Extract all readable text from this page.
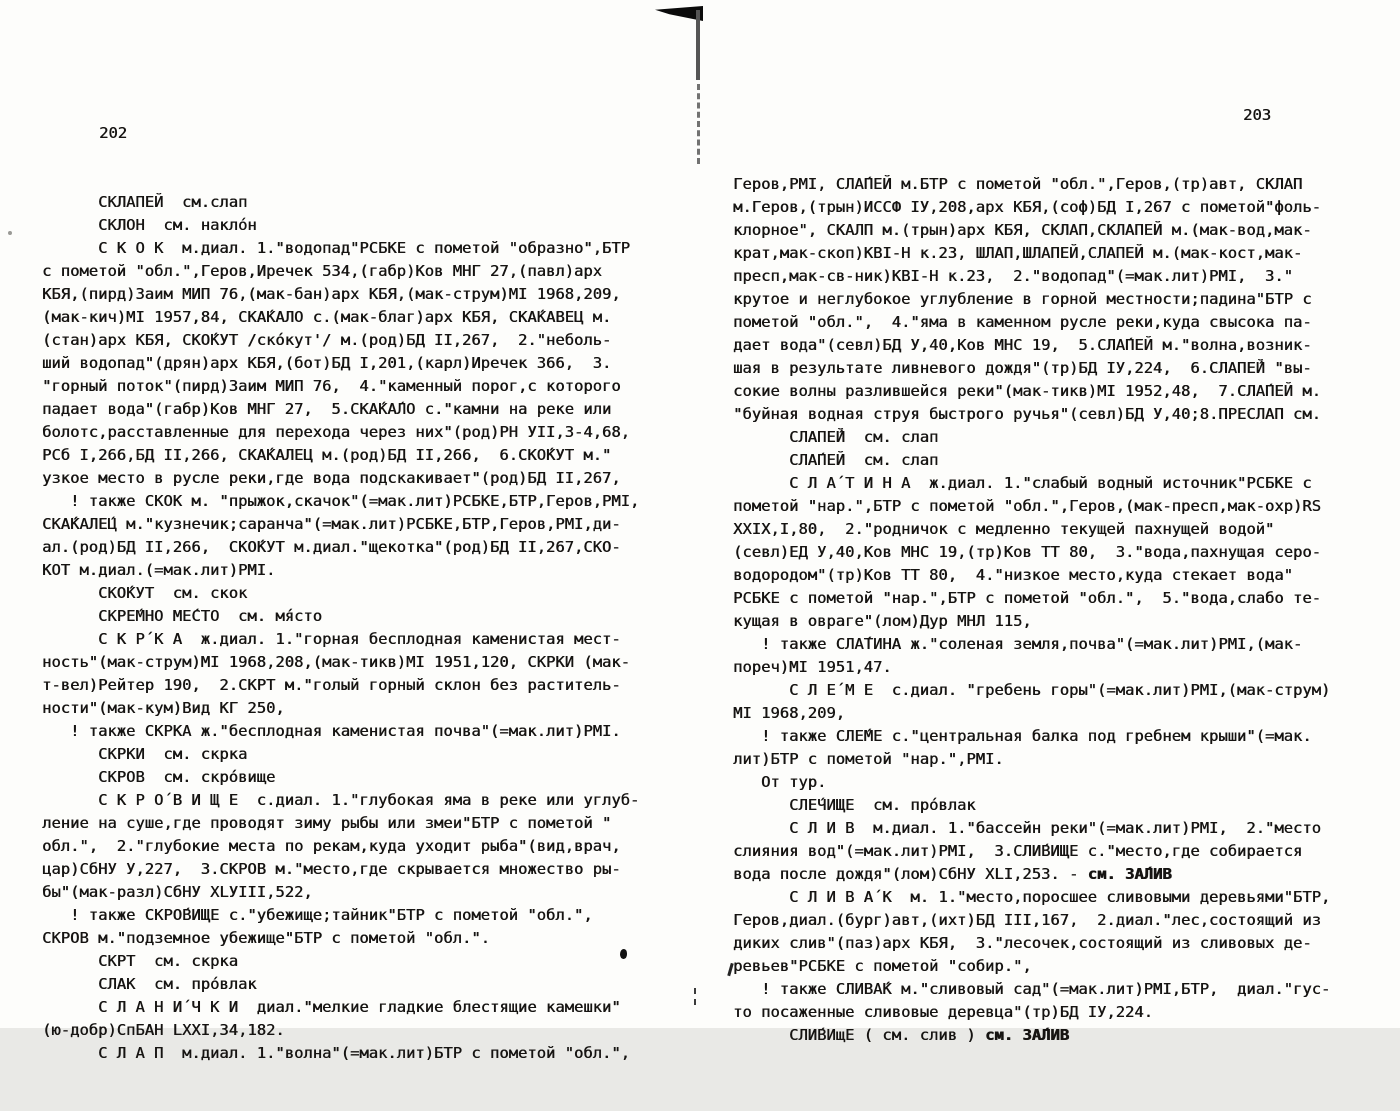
202

СКЛАПЕЙ  см.слап
СКЛОН  см. накло́н
С К О К  м.диал. 1."водопад"РСБКЕ с пометой "образно",БТР
с пометой "обл.",Геров,Иречек 534,(габр)Ков МНГ 27,(павл)арх
КБЯ,(пирд)Заим МИП 76,(мак-бан)арх КБЯ,(мак-струм)МI 1968,209,
(мак-кич)МI 1957,84, СКА́КАЛО с.(мак-благ)арх КБЯ, СКА́КАВЕЦ м.
(стан)арх КБЯ, СКО́КУТ /ско́кут'/ м.(род)БД II,267,  2."неболь-
ший водопад"(дрян)арх КБЯ,(бот)БД I,201,(карл)Иречек 366,  3.
"горный поток"(пирд)Заим МИП 76,  4."каменный порог,с которого
падает вода"(габр)Ков МНГ 27,  5.СКА́КА́ЛО с."камни на реке или
болотс,расставленные для перехода через них"(род)РН УII,3-4,68,
РСб I,266,БД II,266, СКА́КАЛЕЦ м.(род)БД II,266,  6.СКО́КУТ м."
узкое место в русле реки,где вода подскакивает"(род)БД II,267,
! также СКОК м. "прыжок,скачок"(=мак.лит)РСБКЕ,БТР,Геров,РМI,
СКА́КАЛЕ́Ц м."кузнечик;саранча"(=мак.лит)РСБКЕ,БТР,Геров,РМI,ди-
ал.(род)БД II,266,  СКО́КУТ м.диал."щекотка"(род)БД II,267,СКО-
КОТ м.диал.(=мак.лит)РМI.
СКО́КУТ  см. скок
СКРЕ́МНО МЕ́СТО  см. мя́сто
С К Р́ К А  ж.диал. 1."горная бесплодная каменистая мест-
ность"(мак-струм)МI 1968,208,(мак-тикв)МI 1951,120, СКРКИ (мак-
т-вел)Рейтер 190,  2.СКРТ м."голый горный склон без раститель-
ности"(мак-кум)Вид КГ 250,
! также СКРКА ж."бесплодная каменистая почва"(=мак.лит)РМI.
СКРКИ  см. скрка
СКРОВ  см. скро́вище
С К Р О́ В И Щ Е  с.диал. 1."глубокая яма в реке или углуб-
ление на суше,где проводят зиму рыбы или змеи"БТР с пометой "
обл.",  2."глубокие места по рекам,куда уходит рыба"(вид,врач,
цар)СбНУ У,227,  3.СКРОВ м."место,где скрывается множество ры-
бы"(мак-разл)СбНУ ХLУIII,522,
! также СКРО́ВИЩЕ с."убежище;тайник"БТР с пометой "обл.",
СКРОВ м."подземное убежище"БТР с пометой "обл.".
СКРТ  см. скрка
СЛАК  см. про́влак
С Л А Н И́ Ч К И  диал."мелкие гладкие блестящие камешки"
(ю-добр)СпБАН LXXI,34,182.
С Л А П  м.диал. 1."волна"(=мак.лит)БТР с пометой "обл.",

203

Геров,РМI, СЛА́ПЕЙ м.БТР с пометой "обл.",Геров,(тр)авт, СКЛАП
м.Геров,(трын)ИССФ IУ,208,арх КБЯ,(соф)БД I,267 с пометой"фоль-
клорное", СКАЛП м.(трын)арх КБЯ, СКЛАП,СКЛАПЕЙ м.(мак-вод,мак-
крат,мак-скоп)КВI-Н к.23, ШЛАП,ШЛАПЕЙ,СЛАПЕЙ м.(мак-кост,мак-
пресп,мак-св-ник)КВI-Н к.23,  2."водопад"(=мак.лит)РМI,  3."
крутое и неглубокое углубление в горной местности;падина"БТР с
пометой "обл.",  4."яма в каменном русле реки,куда свысока па-
дает вода"(севл)БД У,40,Ков МНС 19,  5.СЛА́ПЕЙ м."волна,возник-
шая в результате ливневого дождя"(тр)БД IУ,224,  6.СЛАПЕ́Й "вы-
сокие волны разлившейся реки"(мак-тикв)МI 1952,48,  7.СЛА́ПЕЙ м.
"буйная водная струя быстрого ручья"(севл)БД У,40;8.ПРЕСЛАП см.
СЛАПЕ́Й  см. слап
СЛА́ПЕЙ  см. слап
С Л А́ Т И Н А  ж.диал. 1."слабый водный источник"РСБКЕ с
пометой "нар.",БТР с пометой "обл.",Геров,(мак-пресп,мак-охр)RS
XXIX,I,80,  2."родничок с медленно текущей пахнущей водой"
(севл)ЕД У,40,Ков МНС 19,(тр)Ков ТТ 80,  3."вода,пахнущая серо-
водородом"(тр)Ков ТТ 80,  4."низкое место,куда стекает вода"
РСБКЕ с пометой "нар.",БТР с пометой "обл.",  5."вода,слабо те-
кущая в овраге"(лом)Дур МНЛ 115,
! также СЛА́ТИНА ж."соленая земля,почва"(=мак.лит)РМI,(мак-
пореч)МI 1951,47.
С Л Е́ М Е  с.диал. "гребень горы"(=мак.лит)РМI,(мак-струм)
МI 1968,209,
! также СЛЕ́МЕ с."центральная балка под гребнем крыши"(=мак.
лит)БТР с пометой "нар.",РМI.
От тур.
СЛЕ́ЧИЩЕ  см. про́влак
С Л И В  м.диал. 1."бассейн реки"(=мак.лит)РМI,  2."место
слияния вод"(=мак.лит)РМI,  3.СЛИ́ВИЩЕ с."место,где собирается
вода после дождя"(лом)СбНУ ХLI,253. - см. ЗА́ЛИВ
С Л И В А́ К  м. 1."место,поросшее сливовыми деревьями"БТР,
Геров,диал.(бург)авт,(ихт)БД III,167,  2.диал."лес,состоящий из
диких слив"(паз)арх КБЯ,  3."лесочек,состоящий из сливовых де-
ревьев"РСБКЕ с пометой "собир.",
! также СЛИВА́К м."сливовый сад"(=мак.лит)РМI,БТР,  диал."гус-
то посаженные сливовые деревца"(тр)БД IУ,224.
СЛИ́ВИщЕ ( см. слив ) см. ЗА́ЛИВ
